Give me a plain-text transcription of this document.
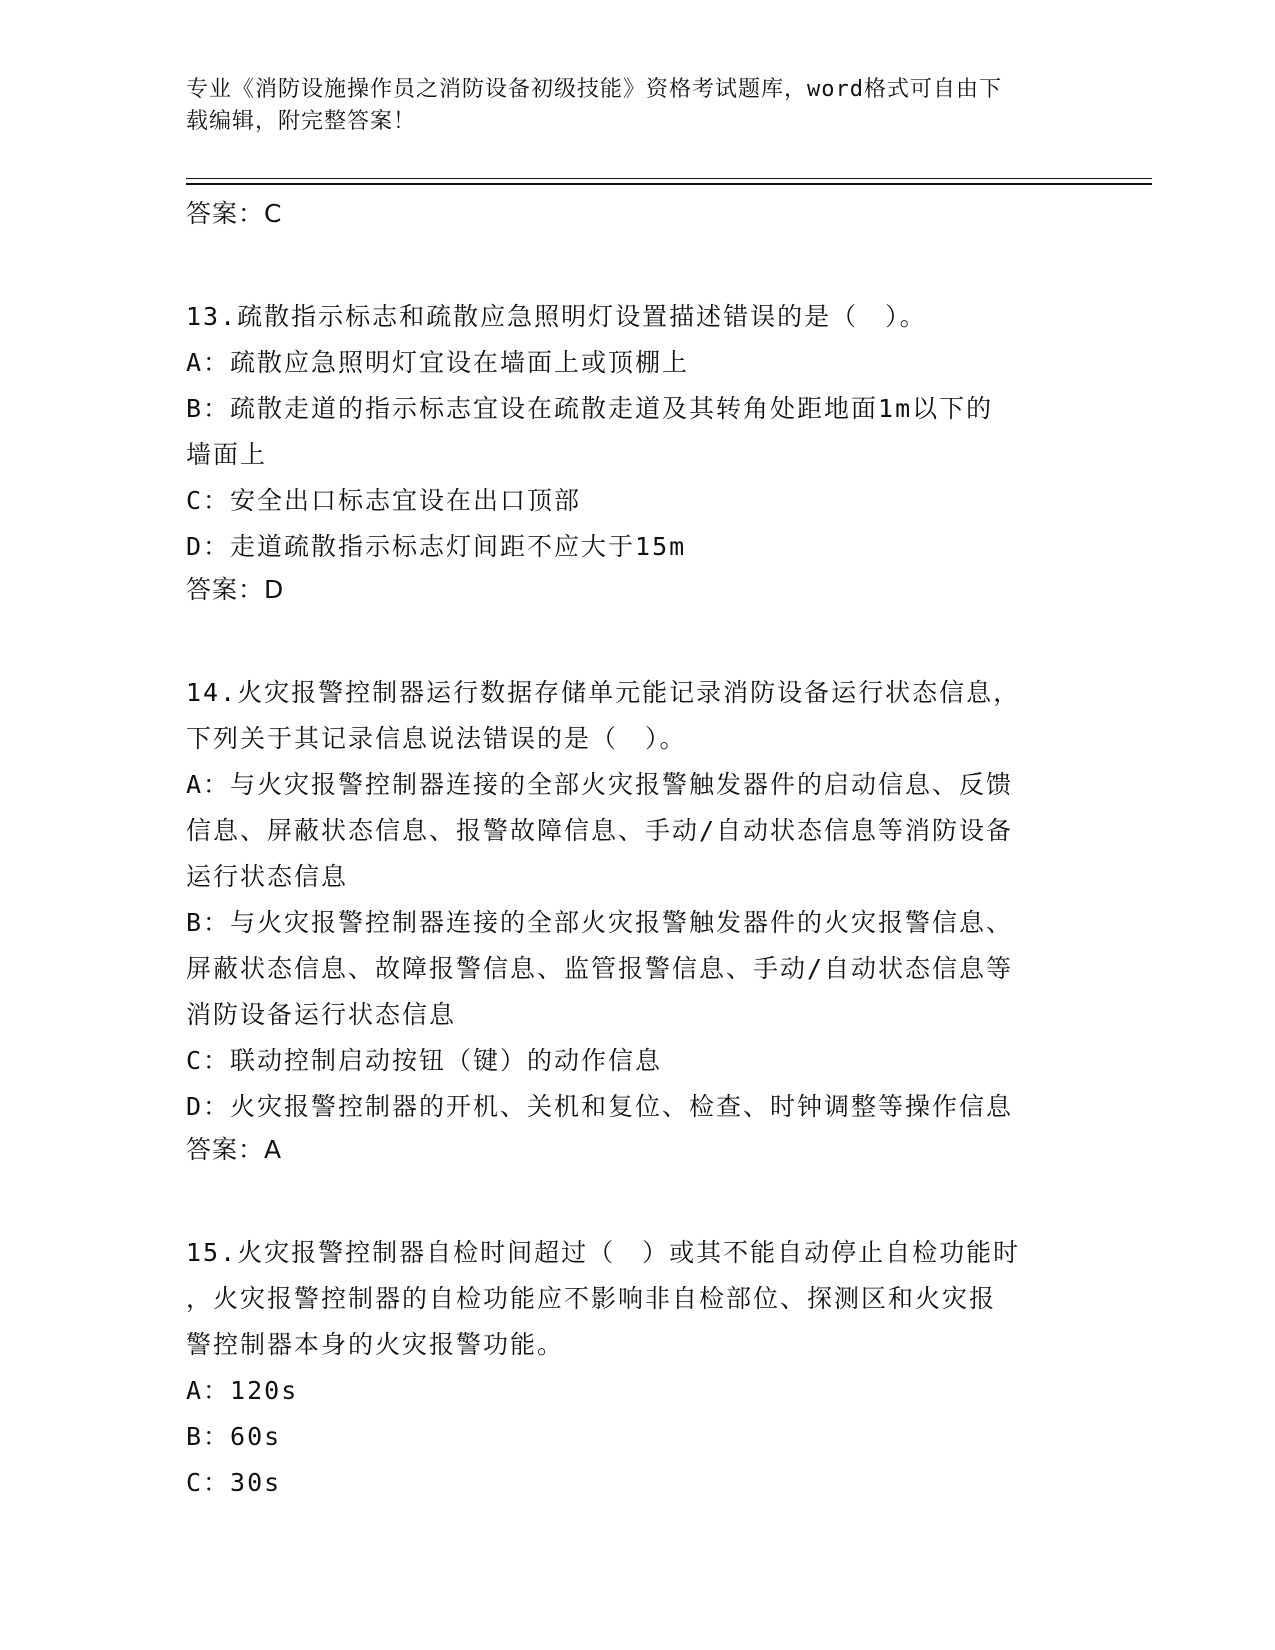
专业《消防设施操作员之消防设备初级技能》资格考试题库，word格式可自由下
载编辑，附完整答案！
答案：C
13.疏散指示标志和疏散应急照明灯设置描述错误的是（　）。
A：疏散应急照明灯宜设在墙面上或顶棚上
B：疏散走道的指示标志宜设在疏散走道及其转角处距地面1m以下的
墙面上
C：安全出口标志宜设在出口顶部
D：走道疏散指示标志灯间距不应大于15m
答案：D
14.火灾报警控制器运行数据存储单元能记录消防设备运行状态信息，
下列关于其记录信息说法错误的是（　）。
A：与火灾报警控制器连接的全部火灾报警触发器件的启动信息、反馈
信息、屏蔽状态信息、报警故障信息、手动/自动状态信息等消防设备
运行状态信息
B：与火灾报警控制器连接的全部火灾报警触发器件的火灾报警信息、
屏蔽状态信息、故障报警信息、监管报警信息、手动/自动状态信息等
消防设备运行状态信息
C：联动控制启动按钮（键）的动作信息
D：火灾报警控制器的开机、关机和复位、检查、时钟调整等操作信息
答案：A
15.火灾报警控制器自检时间超过（　）或其不能自动停止自检功能时
，火灾报警控制器的自检功能应不影响非自检部位、探测区和火灾报
警控制器本身的火灾报警功能。
A：120s
B：60s
C：30s
